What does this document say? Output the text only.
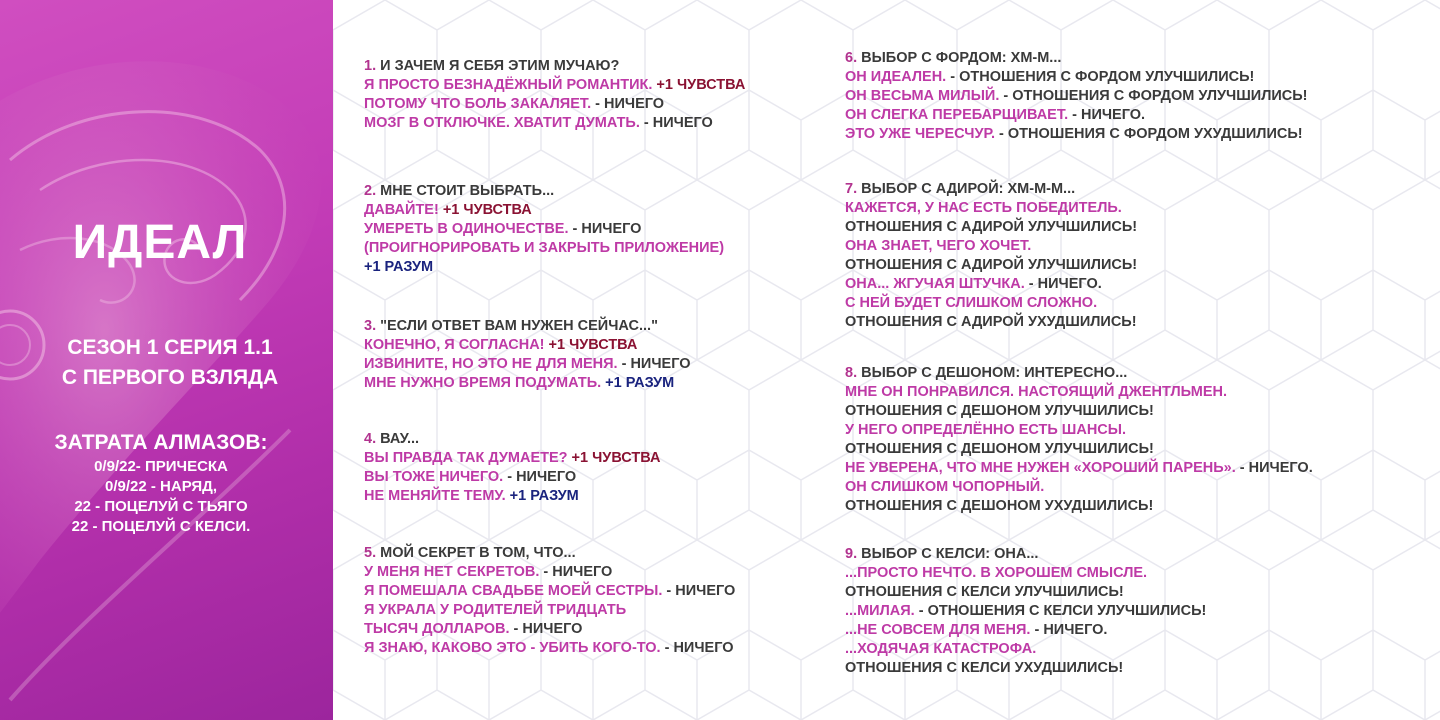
ИДЕАЛ
СЕЗОН 1 СЕРИЯ 1.1
С ПЕРВОГО ВЗЛЯДА
ЗАТРАТА АЛМАЗОВ:
0/9/22- ПРИЧЕСКА
0/9/22 - НАРЯД,
22 - ПОЦЕЛУЙ С ТЬЯГО
22 - ПОЦЕЛУЙ С КЕЛСИ.
1. И ЗАЧЕМ Я СЕБЯ ЭТИМ МУЧАЮ?
Я ПРОСТО БЕЗНАДЁЖНЫЙ РОМАНТИК. +1 ЧУВСТВА
ПОТОМУ ЧТО БОЛЬ ЗАКАЛЯЕТ. - НИЧЕГО
МОЗГ В ОТКЛЮЧКЕ. ХВАТИТ ДУМАТЬ. - НИЧЕГО
2. МНЕ СТОИТ ВЫБРАТЬ...
ДАВАЙТЕ! +1 ЧУВСТВА
УМЕРЕТЬ В ОДИНОЧЕСТВЕ. - НИЧЕГО
(ПРОИГНОРИРОВАТЬ И ЗАКРЫТЬ ПРИЛОЖЕНИЕ)
+1 РАЗУМ
3. "ЕСЛИ ОТВЕТ ВАМ НУЖЕН СЕЙЧАС..."
КОНЕЧНО, Я СОГЛАСНА! +1 ЧУВСТВА
ИЗВИНИТЕ, НО ЭТО НЕ ДЛЯ МЕНЯ. - НИЧЕГО
МНЕ НУЖНО ВРЕМЯ ПОДУМАТЬ. +1 РАЗУМ
4. ВАУ...
ВЫ ПРАВДА ТАК ДУМАЕТЕ? +1 ЧУВСТВА
ВЫ ТОЖЕ НИЧЕГО. - НИЧЕГО
НЕ МЕНЯЙТЕ ТЕМУ. +1 РАЗУМ
5. МОЙ СЕКРЕТ В ТОМ, ЧТО...
У МЕНЯ НЕТ СЕКРЕТОВ. - НИЧЕГО
Я ПОМЕШАЛА СВАДЬБЕ МОЕЙ СЕСТРЫ. - НИЧЕГО
Я УКРАЛА У РОДИТЕЛЕЙ ТРИДЦАТЬ
ТЫСЯЧ ДОЛЛАРОВ. - НИЧЕГО
Я ЗНАЮ, КАКОВО ЭТО - УБИТЬ КОГО-ТО. - НИЧЕГО
6. ВЫБОР С ФОРДОМ: ХМ-М...
ОН ИДЕАЛЕН. - ОТНОШЕНИЯ С ФОРДОМ УЛУЧШИЛИСЬ!
ОН ВЕСЬМА МИЛЫЙ. - ОТНОШЕНИЯ С ФОРДОМ УЛУЧШИЛИСЬ!
ОН СЛЕГКА ПЕРЕБАРЩИВАЕТ. - НИЧЕГО.
ЭТО УЖЕ ЧЕРЕСЧУР. - ОТНОШЕНИЯ С ФОРДОМ УХУДШИЛИСЬ!
7. ВЫБОР С АДИРОЙ: ХМ-М-М...
КАЖЕТСЯ, У НАС ЕСТЬ ПОБЕДИТЕЛЬ.
ОТНОШЕНИЯ С АДИРОЙ УЛУЧШИЛИСЬ!
ОНА ЗНАЕТ, ЧЕГО ХОЧЕТ.
ОТНОШЕНИЯ С АДИРОЙ УЛУЧШИЛИСЬ!
ОНА... ЖГУЧАЯ ШТУЧКА. - НИЧЕГО.
С НЕЙ БУДЕТ СЛИШКОМ СЛОЖНО.
ОТНОШЕНИЯ С АДИРОЙ УХУДШИЛИСЬ!
8. ВЫБОР С ДЕШОНОМ: ИНТЕРЕСНО...
МНЕ ОН ПОНРАВИЛСЯ. НАСТОЯЩИЙ ДЖЕНТЛЬМЕН.
ОТНОШЕНИЯ С ДЕШОНОМ УЛУЧШИЛИСЬ!
У НЕГО ОПРЕДЕЛЁННО ЕСТЬ ШАНСЫ.
ОТНОШЕНИЯ С ДЕШОНОМ УЛУЧШИЛИСЬ!
НЕ УВЕРЕНА, ЧТО МНЕ НУЖЕН «ХОРОШИЙ ПАРЕНЬ». - НИЧЕГО.
ОН СЛИШКОМ ЧОПОРНЫЙ.
ОТНОШЕНИЯ С ДЕШОНОМ УХУДШИЛИСЬ!
9. ВЫБОР С КЕЛСИ: ОНА...
...ПРОСТО НЕЧТО. В ХОРОШЕМ СМЫСЛЕ.
ОТНОШЕНИЯ С КЕЛСИ УЛУЧШИЛИСЬ!
...МИЛАЯ. - ОТНОШЕНИЯ С КЕЛСИ УЛУЧШИЛИСЬ!
...НЕ СОВСЕМ ДЛЯ МЕНЯ. - НИЧЕГО.
...ХОДЯЧАЯ КАТАСТРОФА.
ОТНОШЕНИЯ С КЕЛСИ УХУДШИЛИСЬ!
